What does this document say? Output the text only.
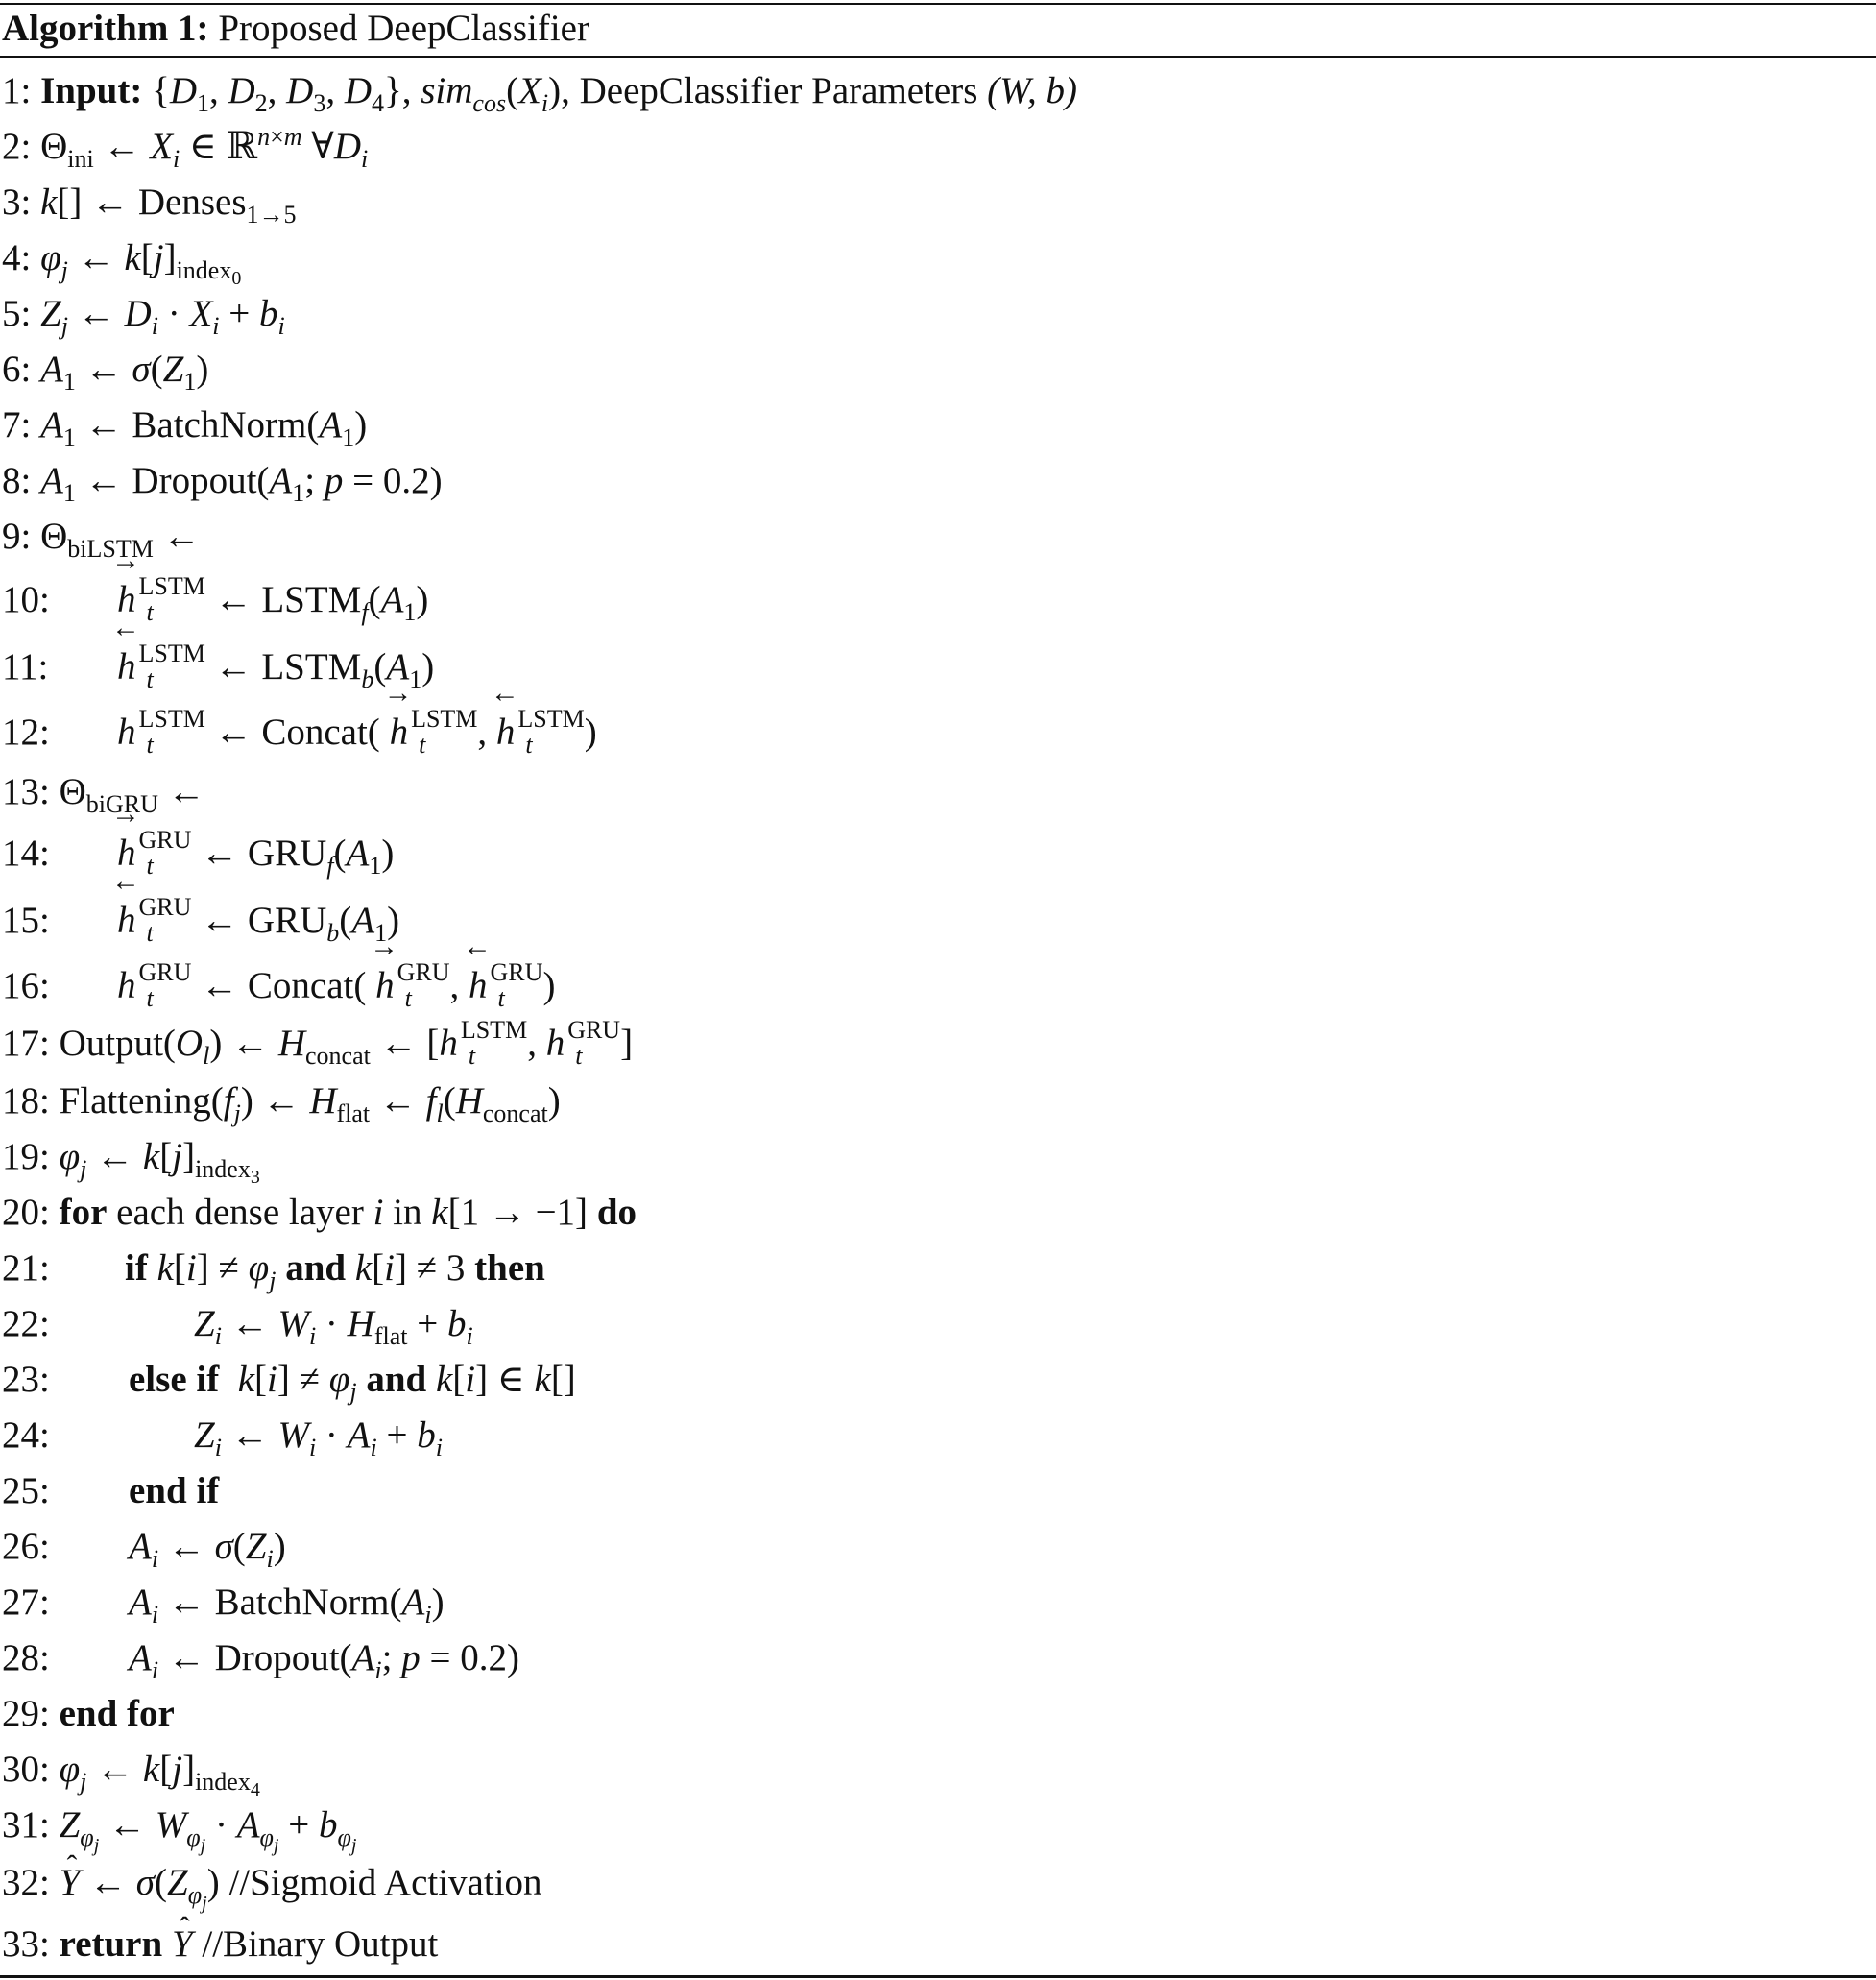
Algorithm 1: Proposed DeepClassifier
1: Input: {$D_1$, $D_2$, $D_3$, $D_4$}, $sim_{cos}(X_i)$, DeepClassifier Parameters (W, b)
2: $\Theta_{ini}$ ← $X_i$ ∈ ℝ$^{n\times m}$ $\forall D_i$
3: k[] ← Denses$_{1\to 5}$
4: $\varphi_j$ ← $k[j]_{index_0}$
5: $Z_j$ ← $D_i \cdot X_i + b_i$
6: $A_1$ ← $\sigma(Z_1)$
7: $A_1$ ← $BatchNorm(A_1)$
8: $A_1$ ← $Dropout(A_1$; p = 0.2)
9: $\Theta_{biLSTM}$ ←
10: → h LSTM
t	← $LSTM_f(A_1)$
11: ← h LSTM
t	← $LSTM_b(A_1)$
12: h LSTM
t	← Concat( → h LSTM
t	, ← h LSTM
t	)
13: $\Theta_{biGRU}$ ←
14: → h GRU
t	← $GRU_f(A_1)$
15: ← h GRU
t	← $GRU_b(A_1)$
16: h GRU
t	← Concat( → h GRU
t	, ← h GRU
t	)
17: $Output(O_l)$ ← $H_{concat}$ ← [h LSTM
t	, h GRU
t	]
18: $Flattening(f_j)$ ← $H_{flat}$ ← $f_l(H_{concat})$
19: $\varphi_j$ ← $k[j]_{index_3}$
20: for each dense layer i in k[1 → −1] do
21: if $k[i] \ne \varphi_j$ and k[i] ≠ 3 then
22:	$Z_i$ ← $W_i \cdot H_{flat} + b_i$
23: else if $k[i] \ne \varphi_j$ and k[i] ∈ k[]
24:	$Z_i$ ← $W_i \cdot A_i + b_i$
25: end if
26: $A_i$ ← $\sigma(Z_i)$
27: $A_i$ ← $BatchNorm(A_i)$
28: $A_i$ ← $Dropout(A_i$; p = 0.2)
29: end for
30: $\varphi_j$ ← $k[j]_{index_4}$
31: $Z_{\varphi_j}$ ← $W_{\varphi_j} \cdot A_{\varphi_j} + b_{\varphi_j}$
32: ˆ Y ← $\sigma(Z_{\varphi_j})$ //Sigmoid Activation
33: return ˆ Y //Binary Output
